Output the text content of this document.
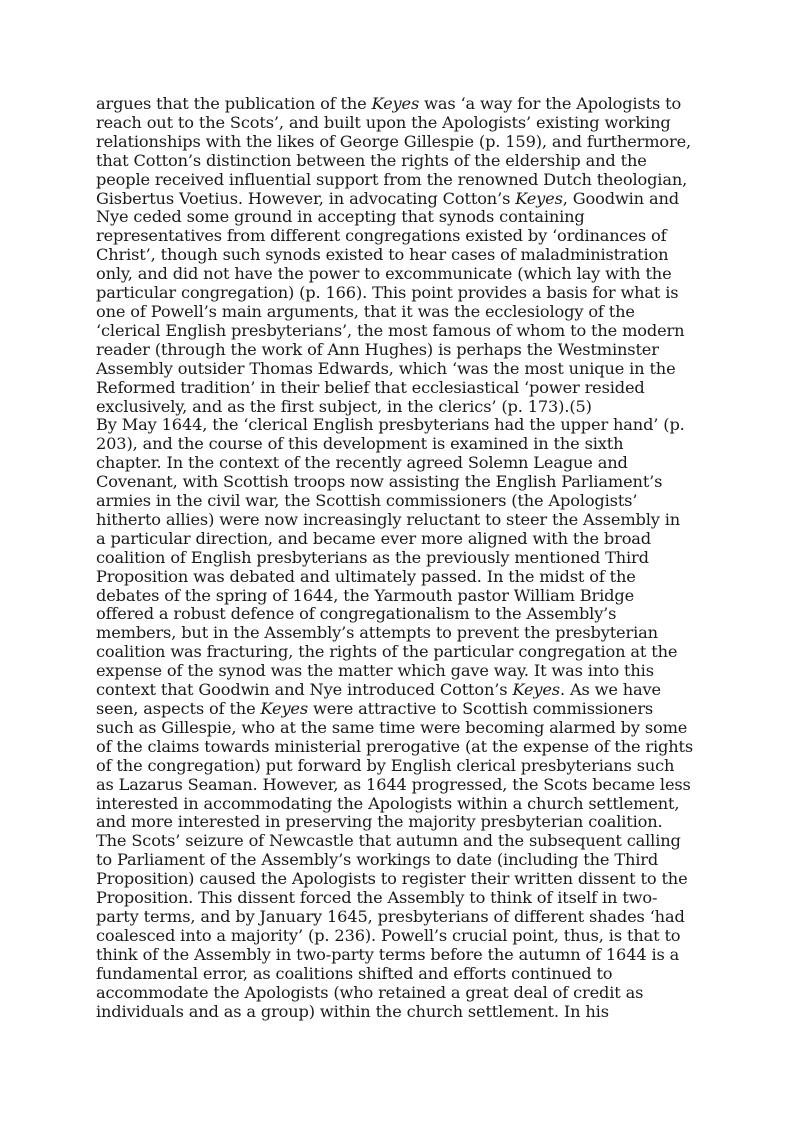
argues that the publication of the Keyes was ‘a way for the Apologists to
reach out to the Scots’, and built upon the Apologists’ existing working
relationships with the likes of George Gillespie (p. 159), and furthermore,
that Cotton’s distinction between the rights of the eldership and the
people received influential support from the renowned Dutch theologian,
Gisbertus Voetius. However, in advocating Cotton’s Keyes, Goodwin and
Nye ceded some ground in accepting that synods containing
representatives from different congregations existed by ‘ordinances of
Christ’, though such synods existed to hear cases of maladministration
only, and did not have the power to excommunicate (which lay with the
particular congregation) (p. 166). This point provides a basis for what is
one of Powell’s main arguments, that it was the ecclesiology of the
‘clerical English presbyterians’, the most famous of whom to the modern
reader (through the work of Ann Hughes) is perhaps the Westminster
Assembly outsider Thomas Edwards, which ‘was the most unique in the
Reformed tradition’ in their belief that ecclesiastical ‘power resided
exclusively, and as the first subject, in the clerics’ (p. 173).(5)
By May 1644, the ‘clerical English presbyterians had the upper hand’ (p.
203), and the course of this development is examined in the sixth
chapter. In the context of the recently agreed Solemn League and
Covenant, with Scottish troops now assisting the English Parliament’s
armies in the civil war, the Scottish commissioners (the Apologists’
hitherto allies) were now increasingly reluctant to steer the Assembly in
a particular direction, and became ever more aligned with the broad
coalition of English presbyterians as the previously mentioned Third
Proposition was debated and ultimately passed. In the midst of the
debates of the spring of 1644, the Yarmouth pastor William Bridge
offered a robust defence of congregationalism to the Assembly’s
members, but in the Assembly’s attempts to prevent the presbyterian
coalition was fracturing, the rights of the particular congregation at the
expense of the synod was the matter which gave way. It was into this
context that Goodwin and Nye introduced Cotton’s Keyes. As we have
seen, aspects of the Keyes were attractive to Scottish commissioners
such as Gillespie, who at the same time were becoming alarmed by some
of the claims towards ministerial prerogative (at the expense of the rights
of the congregation) put forward by English clerical presbyterians such
as Lazarus Seaman. However, as 1644 progressed, the Scots became less
interested in accommodating the Apologists within a church settlement,
and more interested in preserving the majority presbyterian coalition.
The Scots’ seizure of Newcastle that autumn and the subsequent calling
to Parliament of the Assembly’s workings to date (including the Third
Proposition) caused the Apologists to register their written dissent to the
Proposition. This dissent forced the Assembly to think of itself in two-
party terms, and by January 1645, presbyterians of different shades ‘had
coalesced into a majority’ (p. 236). Powell’s crucial point, thus, is that to
think of the Assembly in two-party terms before the autumn of 1644 is a
fundamental error, as coalitions shifted and efforts continued to
accommodate the Apologists (who retained a great deal of credit as
individuals and as a group) within the church settlement. In his
